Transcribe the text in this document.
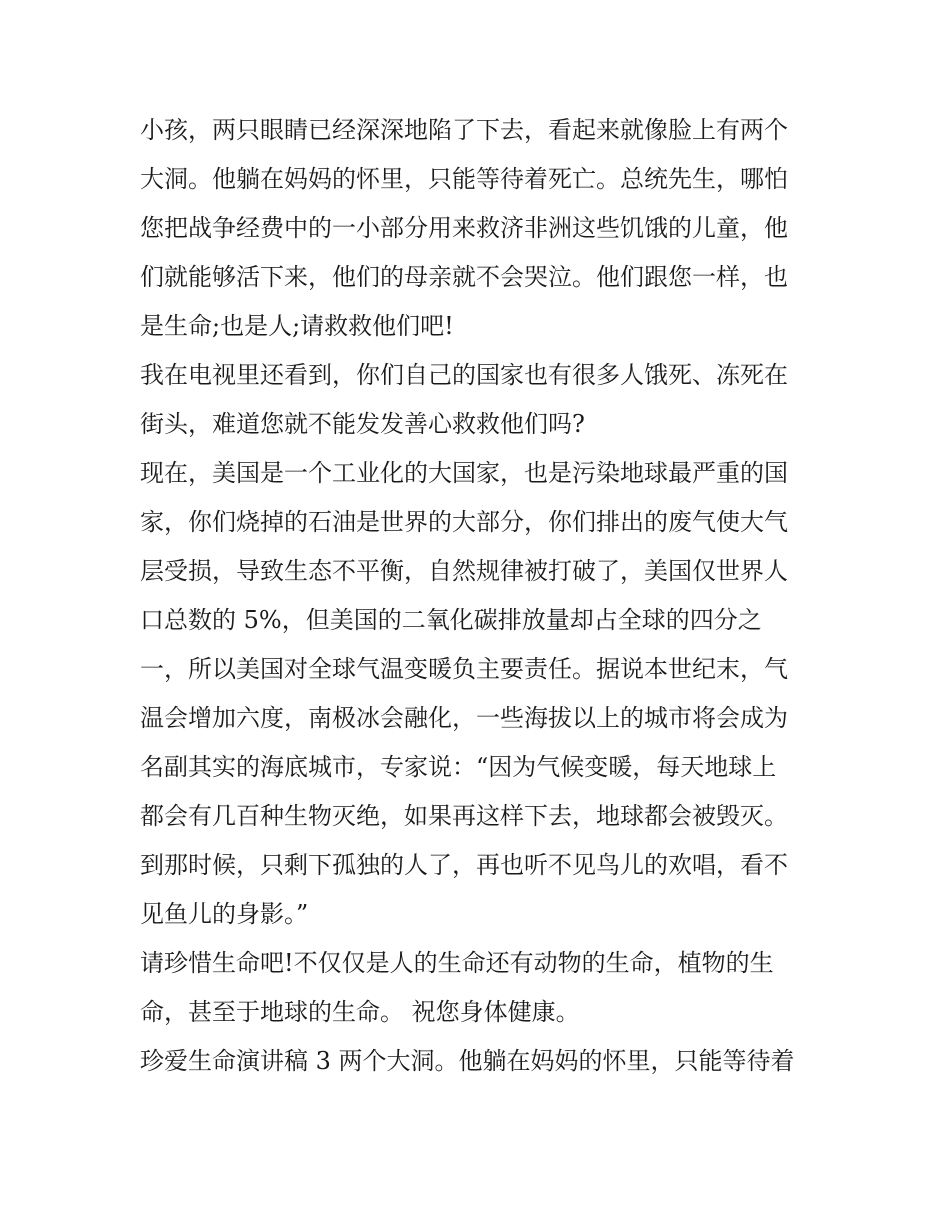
小孩，两只眼睛已经深深地陷了下去，看起来就像脸上有两个
大洞。他躺在妈妈的怀里，只能等待着死亡。总统先生，哪怕
您把战争经费中的一小部分用来救济非洲这些饥饿的儿童，他
们就能够活下来，他们的母亲就不会哭泣。他们跟您一样，也
是生命;也是人;请救救他们吧!
我在电视里还看到，你们自己的国家也有很多人饿死、冻死在
街头，难道您就不能发发善心救救他们吗?
现在，美国是一个工业化的大国家，也是污染地球最严重的国
家，你们烧掉的石油是世界的大部分，你们排出的废气使大气
层受损，导致生态不平衡，自然规律被打破了，美国仅世界人
口总数的 5%，但美国的二氧化碳排放量却占全球的四分之
一，所以美国对全球气温变暖负主要责任。据说本世纪末，气
温会增加六度，南极冰会融化，一些海拔以上的城市将会成为
名副其实的海底城市，专家说：“因为气候变暖，每天地球上
都会有几百种生物灭绝，如果再这样下去，地球都会被毁灭。
到那时候，只剩下孤独的人了，再也听不见鸟儿的欢唱，看不
见鱼儿的身影。”
请珍惜生命吧!不仅仅是人的生命还有动物的生命，植物的生
命，甚至于地球的生命。 祝您身体健康。
珍爱生命演讲稿 3 两个大洞。他躺在妈妈的怀里，只能等待着
